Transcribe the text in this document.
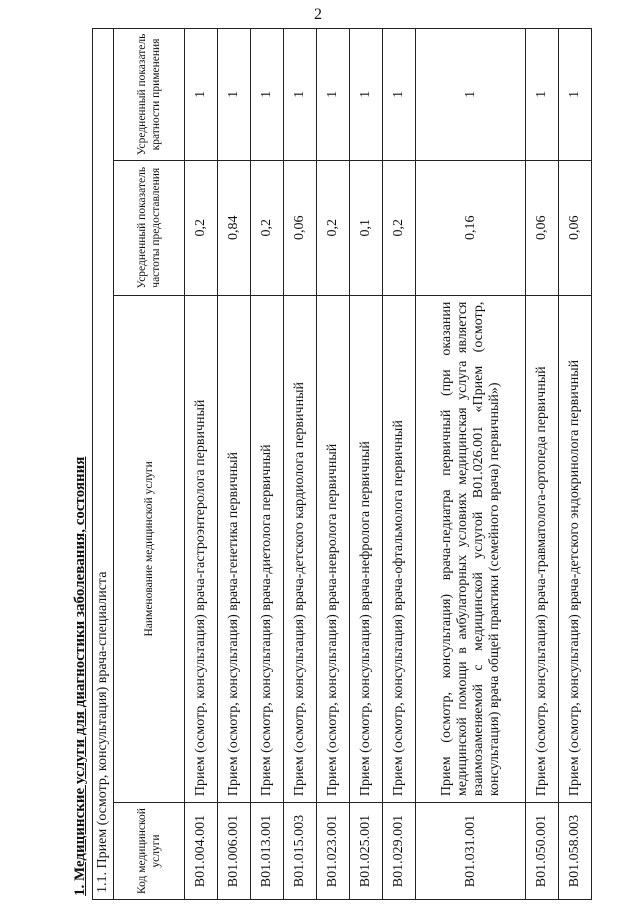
2
1. Медицинские услуги для диагностики заболевания, состояния 1.1. Прием (осмотр, консультация) врача-специалиста			
Код медицинской услуги	Наименование медицинской услуги	Усредненный показатель частоты предоставления	Усредненный показатель кратности применения
B01.004.001	Прием (осмотр, консультация) врача-гастроэнтеролога первичный	0,2	1
B01.006.001	Прием (осмотр, консультация) врача-генетика первичный	0,84	1
B01.013.001	Прием (осмотр, консультация) врача-диетолога первичный	0,2	1
B01.015.003	Прием (осмотр, консультация) врача-детского кардиолога первичный	0,06	1
B01.023.001	Прием (осмотр, консультация) врача-невролога первичный	0,2	1
B01.025.001	Прием (осмотр, консультация) врача-нефролога первичный	0,1	1
B01.029.001	Прием (осмотр, консультация) врача-офтальмолога первичный	0,2	1
B01.031.001	Прием (осмотр, консультация) врача-педиатра первичный (при оказании медицинской помощи в амбулаторных условиях медицинская услуга является взаимозаменяемой с медицинской услугой B01.026.001 «Прием (осмотр, консультация) врача общей практики (семейного врача) первичный»)	0,16	1
B01.050.001	Прием (осмотр, консультация) врача-травматолога-ортопеда первичный	0,06	1
B01.058.003	Прием (осмотр, консультация) врача-детского эндокринолога первичный	0,06	1
